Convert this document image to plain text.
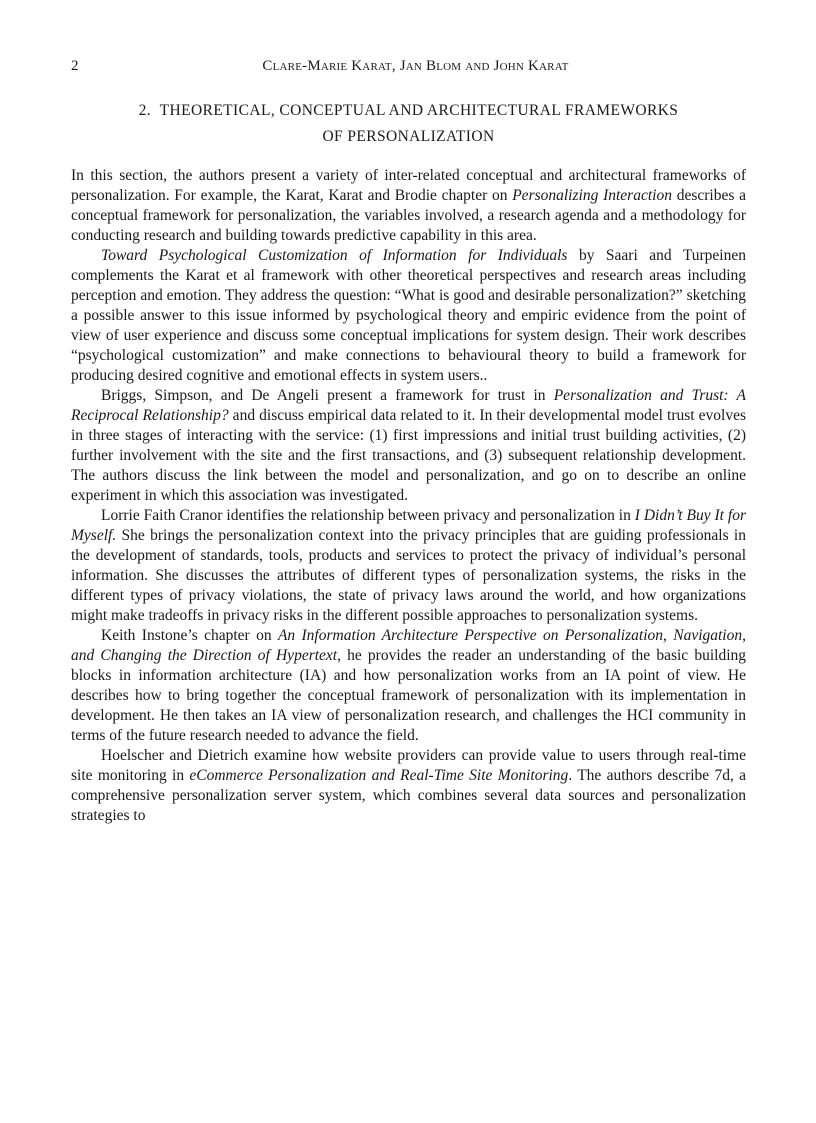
2	Clare-Marie Karat, Jan Blom and John Karat
2. THEORETICAL, CONCEPTUAL AND ARCHITECTURAL FRAMEWORKS
OF PERSONALIZATION

In this section, the authors present a variety of inter-related conceptual and architectural frameworks of personalization. For example, the Karat, Karat and Brodie chapter on Personalizing Interaction describes a conceptual framework for personalization, the variables involved, a research agenda and a methodology for conducting research and building towards predictive capability in this area.

Toward Psychological Customization of Information for Individuals by Saari and Turpeinen complements the Karat et al framework with other theoretical perspectives and research areas including perception and emotion. They address the question: “What is good and desirable personalization?” sketching a possible answer to this issue informed by psychological theory and empiric evidence from the point of view of user experience and discuss some conceptual implications for system design. Their work describes “psychological customization” and make connections to behavioural theory to build a framework for producing desired cognitive and emotional effects in system users..

Briggs, Simpson, and De Angeli present a framework for trust in Personalization and Trust: A Reciprocal Relationship? and discuss empirical data related to it. In their developmental model trust evolves in three stages of interacting with the service: (1) first impressions and initial trust building activities, (2) further involvement with the site and the first transactions, and (3) subsequent relationship development. The authors discuss the link between the model and personalization, and go on to describe an online experiment in which this association was investigated.

Lorrie Faith Cranor identifies the relationship between privacy and personalization in I Didn’t Buy It for Myself. She brings the personalization context into the privacy principles that are guiding professionals in the development of standards, tools, products and services to protect the privacy of individual’s personal information. She discusses the attributes of different types of personalization systems, the risks in the different types of privacy violations, the state of privacy laws around the world, and how organizations might make tradeoffs in privacy risks in the different possible approaches to personalization systems.

Keith Instone’s chapter on An Information Architecture Perspective on Personalization, Navigation, and Changing the Direction of Hypertext, he provides the reader an understanding of the basic building blocks in information architecture (IA) and how personalization works from an IA point of view. He describes how to bring together the conceptual framework of personalization with its implementation in development. He then takes an IA view of personalization research, and challenges the HCI community in terms of the future research needed to advance the field.

Hoelscher and Dietrich examine how website providers can provide value to users through real-time site monitoring in eCommerce Personalization and Real-Time Site Monitoring. The authors describe 7d, a comprehensive personalization server system, which combines several data sources and personalization strategies to
